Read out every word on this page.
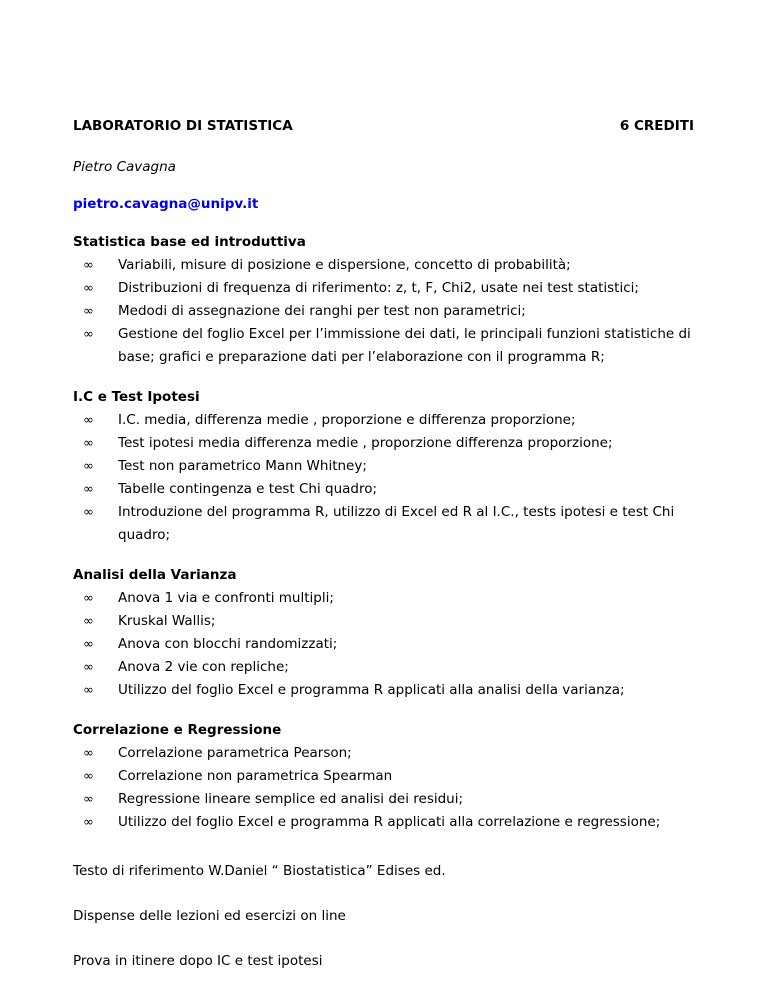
LABORATORIO DI STATISTICA	6 CREDITI
Pietro Cavagna
pietro.cavagna@unipv.it
Statistica base ed introduttiva
∞ Variabili, misure di posizione e dispersione, concetto di probabilità;
∞ Distribuzioni di frequenza di riferimento: z, t, F, Chi2, usate nei test statistici;
∞ Medodi di assegnazione dei ranghi per test non parametrici;
∞ Gestione del foglio Excel per l’immissione dei dati, le principali funzioni statistiche di base; grafici e preparazione dati per l’elaborazione con il programma R;
I.C e Test Ipotesi
∞ I.C. media, differenza medie , proporzione e differenza proporzione;
∞ Test ipotesi media differenza medie , proporzione differenza proporzione;
∞ Test non parametrico Mann Whitney;
∞ Tabelle contingenza e test Chi quadro;
∞ Introduzione del programma R, utilizzo di Excel ed R al I.C., tests ipotesi e test Chi quadro;
Analisi della Varianza
∞ Anova 1 via e confronti multipli;
∞ Kruskal Wallis;
∞ Anova con blocchi randomizzati;
∞ Anova 2 vie con repliche;
∞ Utilizzo del foglio Excel e programma R applicati alla analisi della varianza;
Correlazione e Regressione
∞ Correlazione parametrica Pearson;
∞ Correlazione non parametrica Spearman
∞ Regressione lineare semplice ed analisi dei residui;
∞ Utilizzo del foglio Excel e programma R applicati alla correlazione e regressione;
Testo di riferimento W.Daniel “ Biostatistica” Edises ed.
Dispense delle lezioni ed esercizi on line
Prova in itinere dopo IC e test ipotesi
